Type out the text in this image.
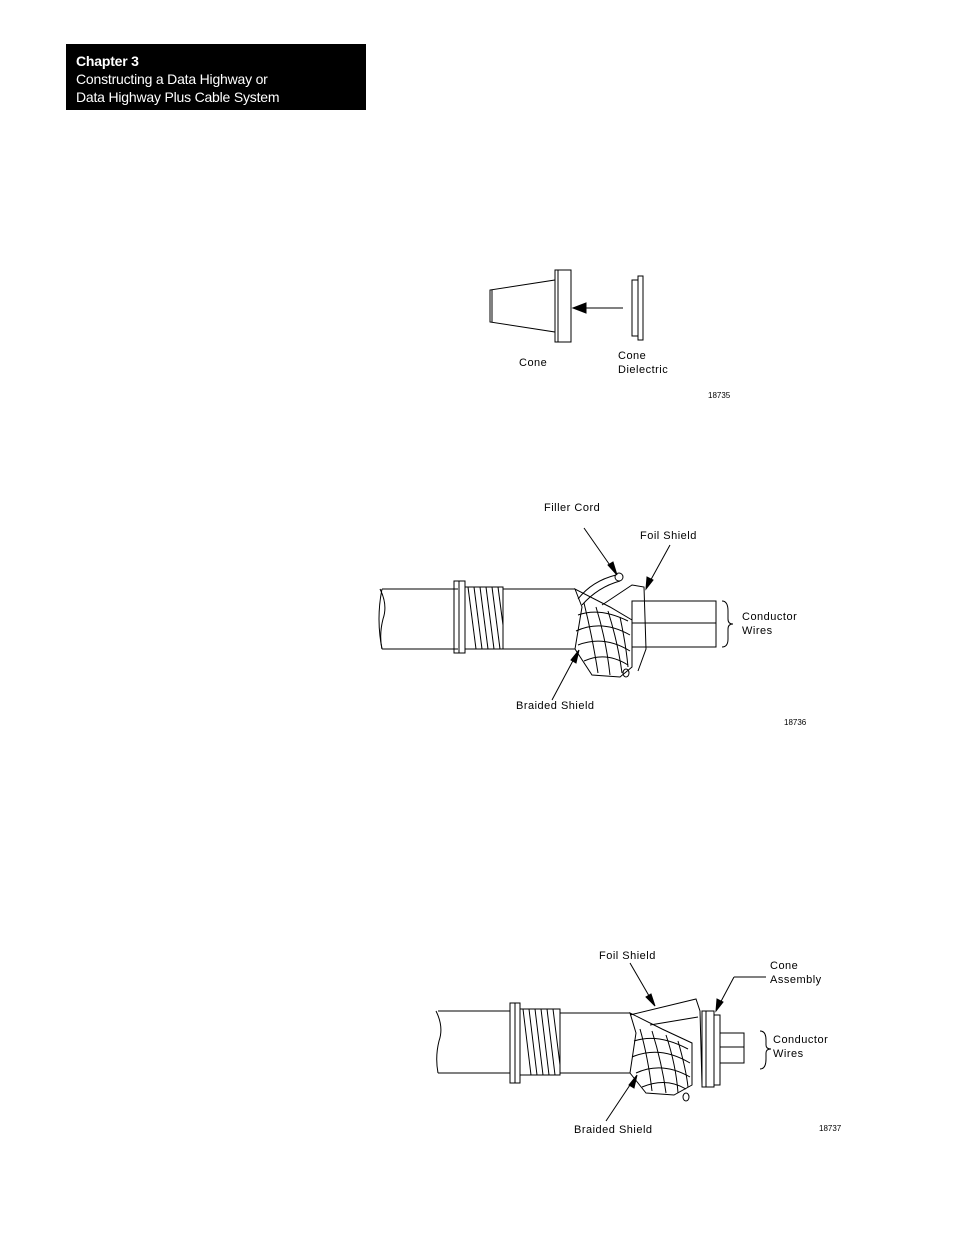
Chapter 3
Constructing a Data Highway or
Data Highway Plus Cable System
Cone
Cone
Dielectric
18735
Filler Cord
Foil Shield
Conductor
Wires
Braided Shield
18736
Foil Shield
Cone
Assembly
Conductor
Wires
Braided Shield	18737
